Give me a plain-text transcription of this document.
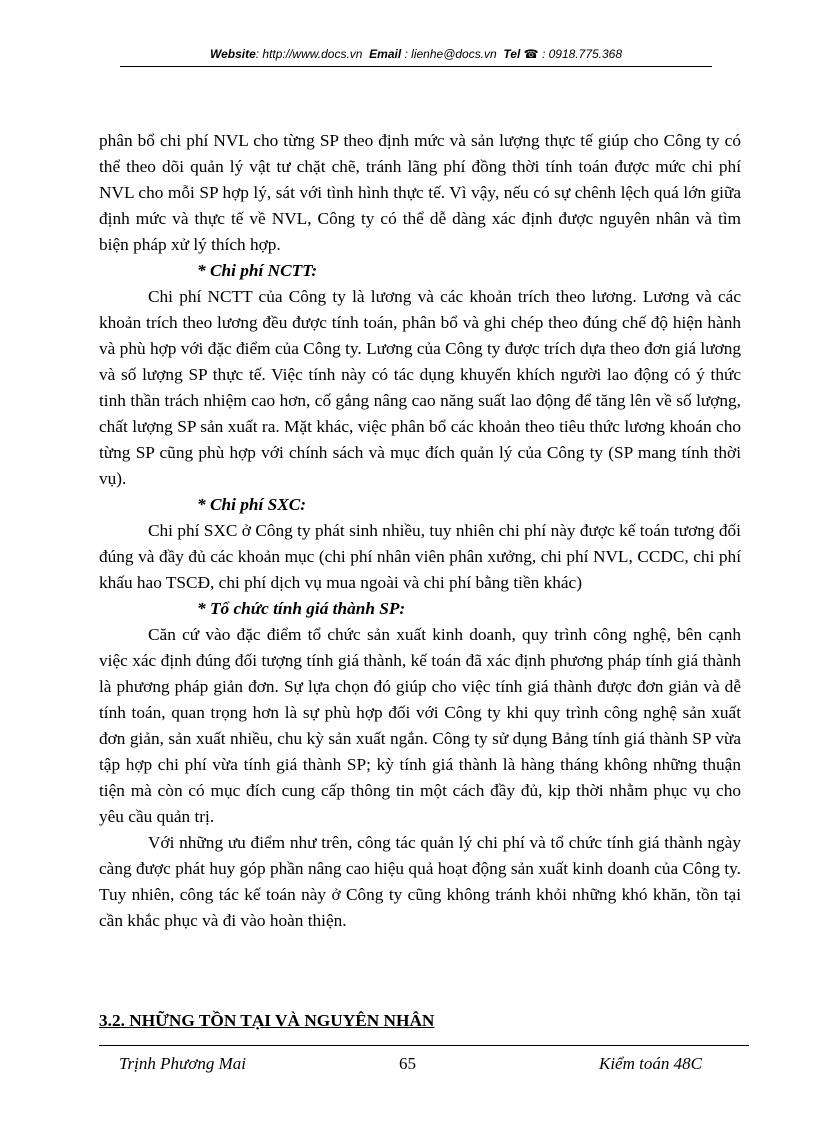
Website: http://www.docs.vn Email : lienhe@docs.vn Tel ☎ : 0918.775.368

phân bổ chi phí NVL cho từng SP theo định mức và sản lượng thực tế giúp cho Công ty có thể theo dõi quản lý vật tư chặt chẽ, tránh lãng phí đồng thời tính toán được mức chi phí NVL cho mỗi SP hợp lý, sát với tình hình thực tế. Vì vậy, nếu có sự chênh lệch quá lớn giữa định mức và thực tế về NVL, Công ty có thể dễ dàng xác định được nguyên nhân và tìm biện pháp xử lý thích hợp.

* Chi phí NCTT:

Chi phí NCTT của Công ty là lương và các khoản trích theo lương. Lương và các khoản trích theo lương đều được tính toán, phân bổ và ghi chép theo đúng chế độ hiện hành và phù hợp với đặc điểm của Công ty. Lương của Công ty được trích dựa theo đơn giá lương và số lượng SP thực tế. Việc tính này có tác dụng khuyến khích người lao động có ý thức tinh thần trách nhiệm cao hơn, cố gắng nâng cao năng suất lao động để tăng lên về số lượng, chất lượng SP sản xuất ra. Mặt khác, việc phân bổ các khoản theo tiêu thức lương khoán cho từng SP cũng phù hợp với chính sách và mục đích quản lý của Công ty (SP mang tính thời vụ).

* Chi phí SXC:

Chi phí SXC ở Công ty phát sinh nhiều, tuy nhiên chi phí này được kế toán tương đối đúng và đầy đủ các khoản mục (chi phí nhân viên phân xưởng, chi phí NVL, CCDC, chi phí khấu hao TSCĐ, chi phí dịch vụ mua ngoài và chi phí bằng tiền khác)

* Tổ chức tính giá thành SP:

Căn cứ vào đặc điểm tổ chức sản xuất kinh doanh, quy trình công nghệ, bên cạnh việc xác định đúng đối tượng tính giá thành, kế toán đã xác định phương pháp tính giá thành là phương pháp giản đơn. Sự lựa chọn đó giúp cho việc tính giá thành được đơn giản và dễ tính toán, quan trọng hơn là sự phù hợp đối với Công ty khi quy trình công nghệ sản xuất đơn giản, sản xuất nhiều, chu kỳ sản xuất ngắn. Công ty sử dụng Bảng tính giá thành SP vừa tập hợp chi phí vừa tính giá thành SP; kỳ tính giá thành là hàng tháng không những thuận tiện mà còn có mục đích cung cấp thông tin một cách đầy đủ, kịp thời nhằm phục vụ cho yêu cầu quản trị.

Với những ưu điểm như trên, công tác quản lý chi phí và tổ chức tính giá thành ngày càng được phát huy góp phần nâng cao hiệu quả hoạt động sản xuất kinh doanh của Công ty. Tuy nhiên, công tác kế toán này ở Công ty cũng không tránh khỏi những khó khăn, tồn tại cần khắc phục và đi vào hoàn thiện.

3.2. NHỮNG TỒN TẠI VÀ NGUYÊN NHÂN
Trịnh Phương Mai	65	Kiểm toán 48C
